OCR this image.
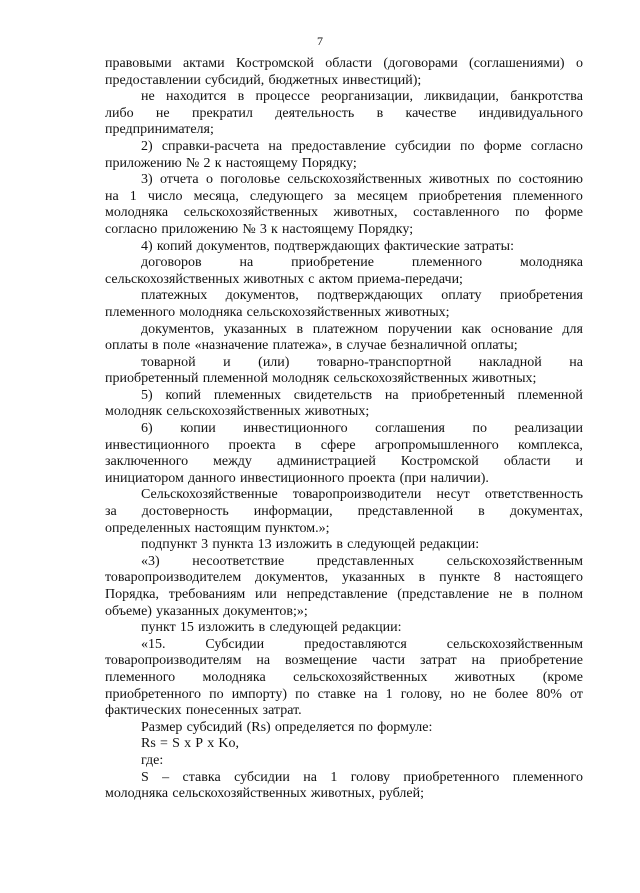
7
правовыми актами Костромской области (договорами (соглашениями) о
предоставлении субсидий, бюджетных инвестиций);
не находится в процессе реорганизации, ликвидации, банкротства
либо не прекратил деятельность в качестве индивидуального
предпринимателя;
2) справки-расчета на предоставление субсидии по форме согласно
приложению № 2 к настоящему Порядку;
3) отчета о поголовье сельскохозяйственных животных по состоянию
на 1 число месяца, следующего за месяцем приобретения племенного
молодняка сельскохозяйственных животных, составленного по форме
согласно приложению № 3 к настоящему Порядку;
4) копий документов, подтверждающих фактические затраты:
договоров	на	приобретение	племенного	молодняка
сельскохозяйственных животных с актом приема-передачи;
платежных документов, подтверждающих оплату приобретения
племенного молодняка сельскохозяйственных животных;
документов, указанных в платежном поручении как основание для
оплаты в поле «назначение платежа», в случае безналичной оплаты;
товарной и (или) товарно-транспортной накладной на
приобретенный племенной молодняк сельскохозяйственных животных;
5) копий племенных свидетельств на приобретенный племенной
молодняк сельскохозяйственных животных;
6) копии инвестиционного соглашения по реализации
инвестиционного проекта в сфере агропромышленного комплекса,
заключенного между администрацией Костромской области и
инициатором данного инвестиционного проекта (при наличии).
Сельскохозяйственные товаропроизводители несут ответственность
за достоверность информации, представленной в документах,
определенных настоящим пунктом.»;
подпункт 3 пункта 13 изложить в следующей редакции:
«3) несоответствие представленных сельскохозяйственным
товаропроизводителем документов, указанных в пункте 8 настоящего
Порядка, требованиям или непредставление (представление не в полном
объеме) указанных документов;»;
пункт 15 изложить в следующей редакции:
«15.	Субсидии	предоставляются	сельскохозяйственным
товаропроизводителям на возмещение части затрат на приобретение
племенного молодняка сельскохозяйственных животных (кроме
приобретенного по импорту) по ставке на 1 голову, но не более 80% от
фактических понесенных затрат.
Размер субсидий (Rs) определяется по формуле:
Rs = S x P x Ko,
где:
S – ставка субсидии на 1 голову приобретенного племенного
молодняка сельскохозяйственных животных, рублей;
